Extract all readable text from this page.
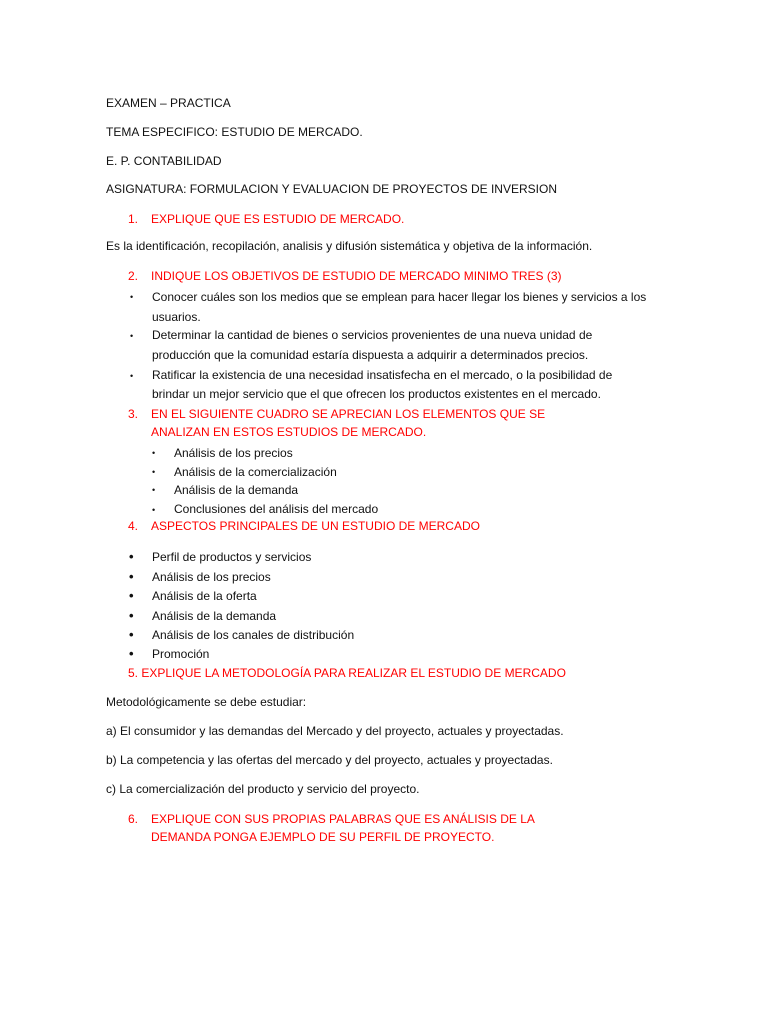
EXAMEN – PRACTICA
TEMA ESPECIFICO: ESTUDIO DE MERCADO.
E. P. CONTABILIDAD
ASIGNATURA: FORMULACION Y EVALUACION DE PROYECTOS DE INVERSION
1. EXPLIQUE QUE ES ESTUDIO DE MERCADO.
Es la identificación, recopilación, analisis y difusión sistemática y objetiva de la información.
2. INDIQUE LOS OBJETIVOS DE ESTUDIO DE MERCADO MINIMO TRES (3)
• Conocer cuáles son los medios que se emplean para hacer llegar los bienes y servicios a los
usuarios.
• Determinar la cantidad de bienes o servicios provenientes de una nueva unidad de
producción que la comunidad estaría dispuesta a adquirir a determinados precios.
• Ratificar la existencia de una necesidad insatisfecha en el mercado, o la posibilidad de
brindar un mejor servicio que el que ofrecen los productos existentes en el mercado.
3. EN EL SIGUIENTE CUADRO SE APRECIAN LOS ELEMENTOS QUE SE
ANALIZAN EN ESTOS ESTUDIOS DE MERCADO.
• Análisis de los precios
• Análisis de la comercialización
• Análisis de la demanda
• Conclusiones del análisis del mercado
4. ASPECTOS PRINCIPALES DE UN ESTUDIO DE MERCADO
• Perfil de productos y servicios
• Análisis de los precios
• Análisis de la oferta
• Análisis de la demanda
• Análisis de los canales de distribución
• Promoción
5. EXPLIQUE LA METODOLOGÍA PARA REALIZAR EL ESTUDIO DE MERCADO
Metodológicamente se debe estudiar:
a) El consumidor y las demandas del Mercado y del proyecto, actuales y proyectadas.
b) La competencia y las ofertas del mercado y del proyecto, actuales y proyectadas.
c) La comercialización del producto y servicio del proyecto.
6. EXPLIQUE CON SUS PROPIAS PALABRAS QUE ES ANÁLISIS DE LA
DEMANDA PONGA EJEMPLO DE SU PERFIL DE PROYECTO.
